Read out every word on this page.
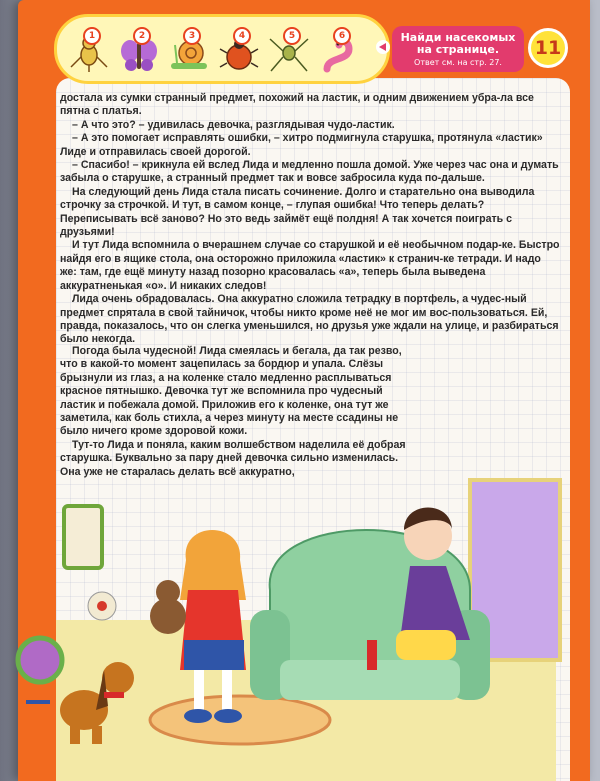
1	2	3	4	5	6	Найди насекомых на странице.
Ответ см. на стр. 27.
11

достала из сумки странный предмет, похожий на ластик, и одним движением убра-ла все пятна с платья.

– А что это? – удивилась девочка, разглядывая чудо-ластик.

– А это помогает исправлять ошибки, – хитро подмигнула старушка, протянула «ластик» Лиде и отправилась своей дорогой.

– Спасибо! – крикнула ей вслед Лида и медленно пошла домой. Уже через час она и думать забыла о старушке, а странный предмет так и вовсе забросила куда по-дальше.

На следующий день Лида стала писать сочинение. Долго и старательно она выводила строчку за строчкой. И тут, в самом конце, – глупая ошибка! Что теперь делать? Переписывать всё заново? Но это ведь займёт ещё полдня! А так хочется поиграть с друзьями!

И тут Лида вспомнила о вчерашнем случае со старушкой и её необычном подар-ке. Быстро найдя его в ящике стола, она осторожно приложила «ластик» к странич-ке тетради. И надо же: там, где ещё минуту назад позорно красовалась «а», теперь была выведена аккуратненькая «о». И никаких следов!

Лида очень обрадовалась. Она аккуратно сложила тетрадку в портфель, а чудес-ный предмет спрятала в свой тайничок, чтобы никто кроме неё не мог им вос-пользоваться. Ей, правда, показалось, что он слегка уменьшился, но друзья уже ждали на улице, и разбираться было некогда.

Погода была чудесной! Лида смеялась и бегала, да так резво, что в какой-то момент зацепилась за бордюр и упала. Слёзы брызнули из глаз, а на коленке стало медленно расплываться красное пятнышко. Девочка тут же вспомнила про чудесный ластик и побежала домой. Приложив его к коленке, она тут же заметила, как боль стихла, а через минуту на месте ссадины не было ничего кроме здоровой кожи.

Тут-то Лида и поняла, каким волшебством наделила её добрая старушка. Буквально за пару дней девочка сильно изменилась. Она уже не старалась делать всё аккуратно,
